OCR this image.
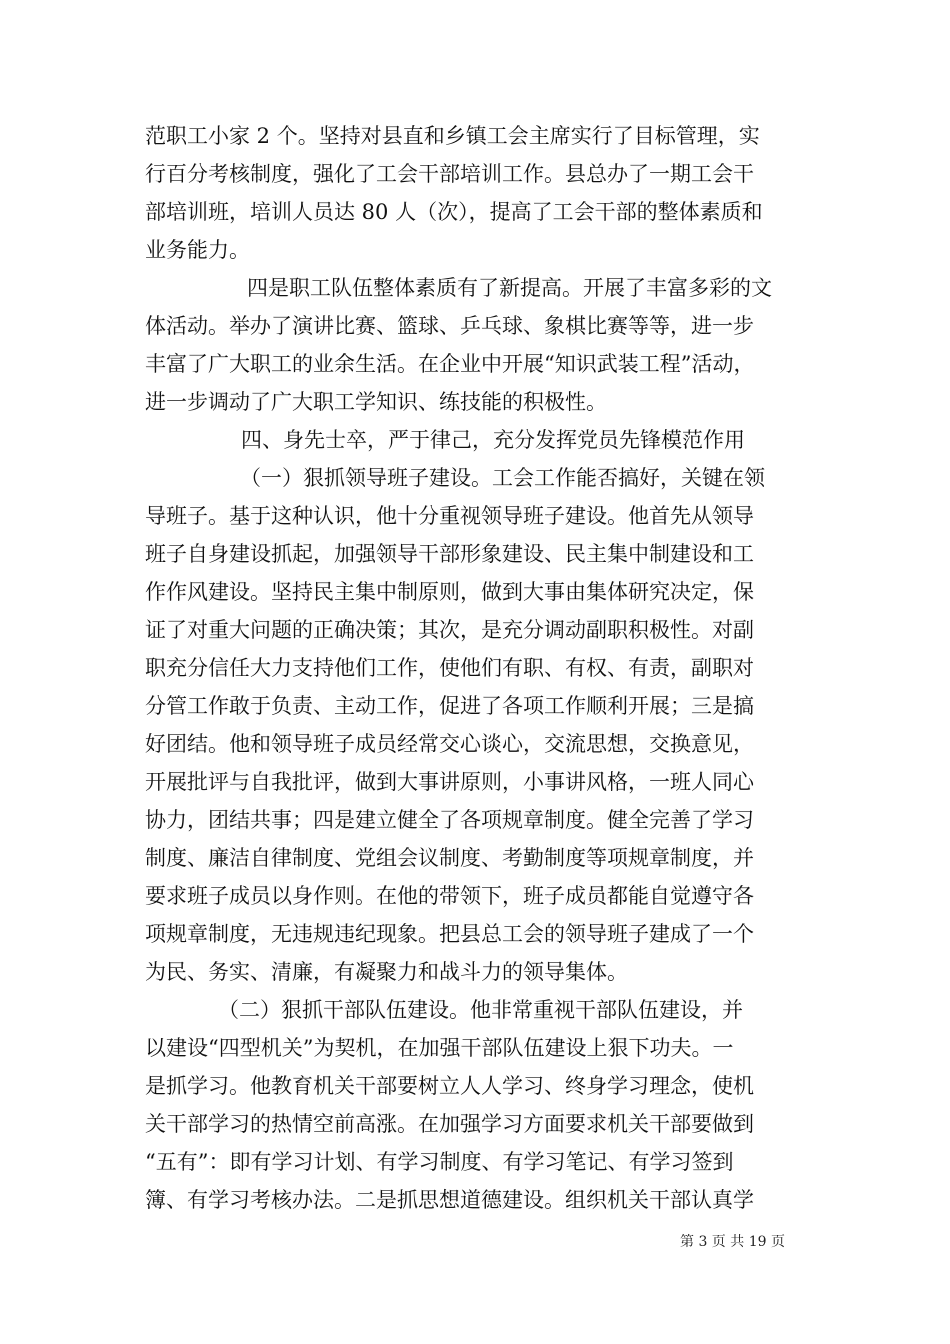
范职工小家 2 个。坚持对县直和乡镇工会主席实行了目标管理，实
行百分考核制度，强化了工会干部培训工作。县总办了一期工会干
部培训班，培训人员达 80 人（次），提高了工会干部的整体素质和
业务能力。
四是职工队伍整体素质有了新提高。开展了丰富多彩的文
体活动。举办了演讲比赛、篮球、乒乓球、象棋比赛等等，进一步
丰富了广大职工的业余生活。在企业中开展“知识武装工程”活动，
进一步调动了广大职工学知识、练技能的积极性。
四、身先士卒，严于律己，充分发挥党员先锋模范作用
（一）狠抓领导班子建设。工会工作能否搞好，关键在领
导班子。基于这种认识，他十分重视领导班子建设。他首先从领导
班子自身建设抓起，加强领导干部形象建设、民主集中制建设和工
作作风建设。坚持民主集中制原则，做到大事由集体研究决定，保
证了对重大问题的正确决策；其次，是充分调动副职积极性。对副
职充分信任大力支持他们工作，使他们有职、有权、有责，副职对
分管工作敢于负责、主动工作，促进了各项工作顺利开展；三是搞
好团结。他和领导班子成员经常交心谈心，交流思想，交换意见，
开展批评与自我批评，做到大事讲原则，小事讲风格，一班人同心
协力，团结共事；四是建立健全了各项规章制度。健全完善了学习
制度、廉洁自律制度、党组会议制度、考勤制度等项规章制度，并
要求班子成员以身作则。在他的带领下，班子成员都能自觉遵守各
项规章制度，无违规违纪现象。把县总工会的领导班子建成了一个
为民、务实、清廉，有凝聚力和战斗力的领导集体。
（二）狠抓干部队伍建设。他非常重视干部队伍建设，并
以建设“四型机关”为契机，在加强干部队伍建设上狠下功夫。一
是抓学习。他教育机关干部要树立人人学习、终身学习理念，使机
关干部学习的热情空前高涨。在加强学习方面要求机关干部要做到
“五有”：即有学习计划、有学习制度、有学习笔记、有学习签到
簿、有学习考核办法。二是抓思想道德建设。组织机关干部认真学
第 3 页 共 19 页
